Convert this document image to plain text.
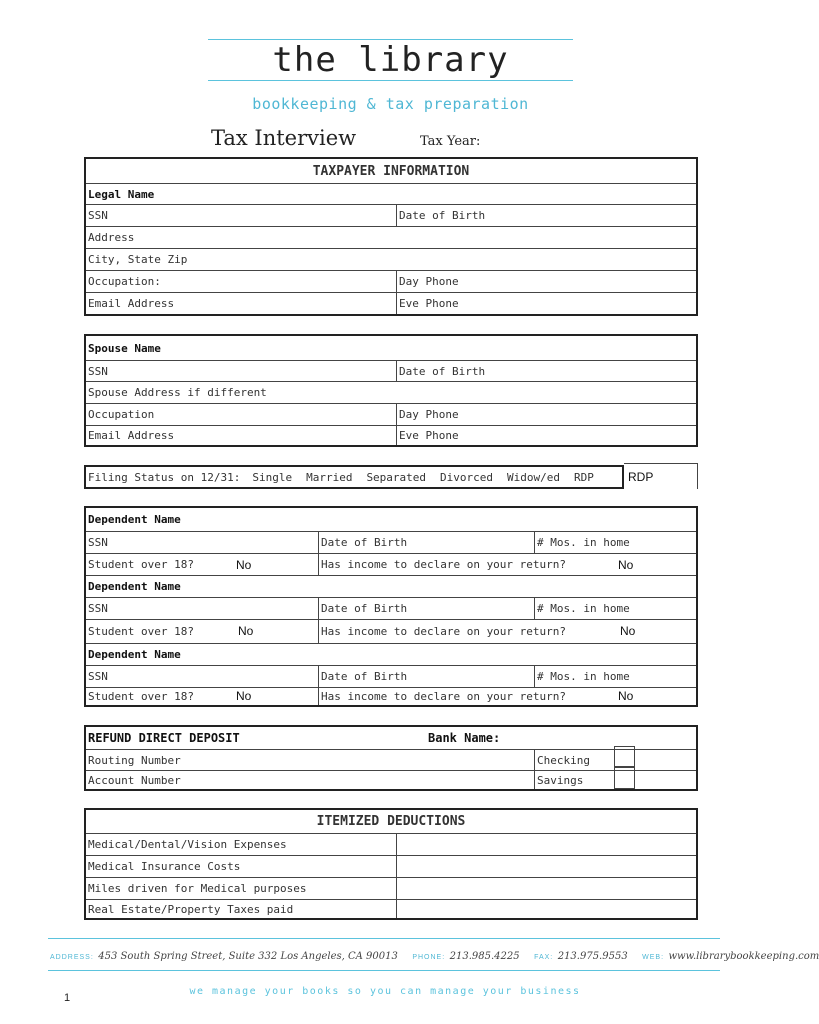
the library
bookkeeping & tax preparation
Tax Interview	Tax Year:
TAXPAYER INFORMATION
Legal Name
SSN	Date of Birth
Address
City, State Zip
Occupation:	Day Phone
Email Address	Eve Phone
Spouse Name
SSN	Date of Birth
Spouse Address if different
Occupation	Day Phone
Email Address	Eve Phone
Filing Status on 12/31: Single Married Separated Divorced Widow/ed RDP	RDP
Dependent Name
SSN	Date of Birth	# Mos. in home
Student over 18?	No	Has income to declare on your return?	No
Dependent Name
SSN	Date of Birth	# Mos. in home
Student over 18?	No	Has income to declare on your return?	No
Dependent Name
SSN	Date of Birth	# Mos. in home
Student over 18?	No	Has income to declare on your return?	No
REFUND DIRECT DEPOSIT	Bank Name:
Routing Number	Checking
Account Number	Savings
ITEMIZED DEDUCTIONS
Medical/Dental/Vision Expenses
Medical Insurance Costs
Miles driven for Medical purposes
Real Estate/Property Taxes paid
ADDRESS: 453 South Spring Street, Suite 332 Los Angeles, CA 90013 PHONE: 213.985.4225 FAX: 213.975.9553 WEB: www.librarybookkeeping.com
we manage your books so you can manage your business
1
